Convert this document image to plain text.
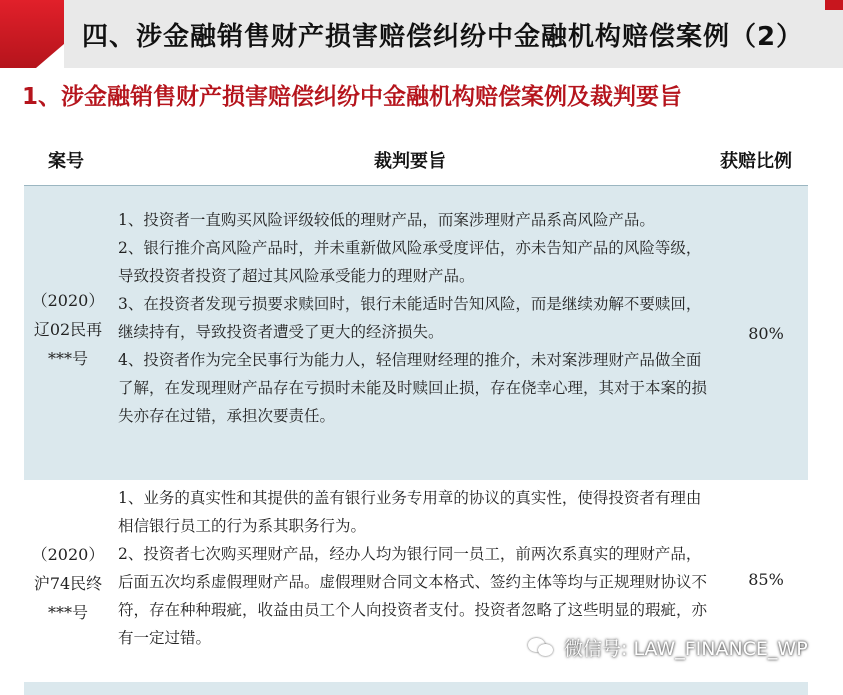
四、涉金融销售财产损害赔偿纠纷中金融机构赔偿案例（2）
1、涉金融销售财产损害赔偿纠纷中金融机构赔偿案例及裁判要旨
案号	裁判要旨	获赔比例
（2020）
辽02民再
***号

1、投资者一直购买风险评级较低的理财产品，而案涉理财产品系高风险产品。

2、银行推介高风险产品时，并未重新做风险承受度评估，亦未告知产品的风险等级，导致投资者投资了超过其风险承受能力的理财产品。

3、在投资者发现亏损要求赎回时，银行未能适时告知风险，而是继续劝解不要赎回，继续持有，导致投资者遭受了更大的经济损失。

4、投资者作为完全民事行为能力人，轻信理财经理的推介，未对案涉理财产品做全面了解，在发现理财产品存在亏损时未能及时赎回止损，存在侥幸心理，其对于本案的损失亦存在过错，承担次要责任。

80%
（2020）
沪74民终
***号

1、业务的真实性和其提供的盖有银行业务专用章的协议的真实性，使得投资者有理由相信银行员工的行为系其职务行为。

2、投资者七次购买理财产品，经办人均为银行同一员工，前两次系真实的理财产品，后面五次均系虚假理财产品。虚假理财合同文本格式、签约主体等均与正规理财协议不符，存在种种瑕疵，收益由员工个人向投资者支付。投资者忽略了这些明显的瑕疵，亦有一定过错。

85%
微信号: LAW_FINANCE_WP
